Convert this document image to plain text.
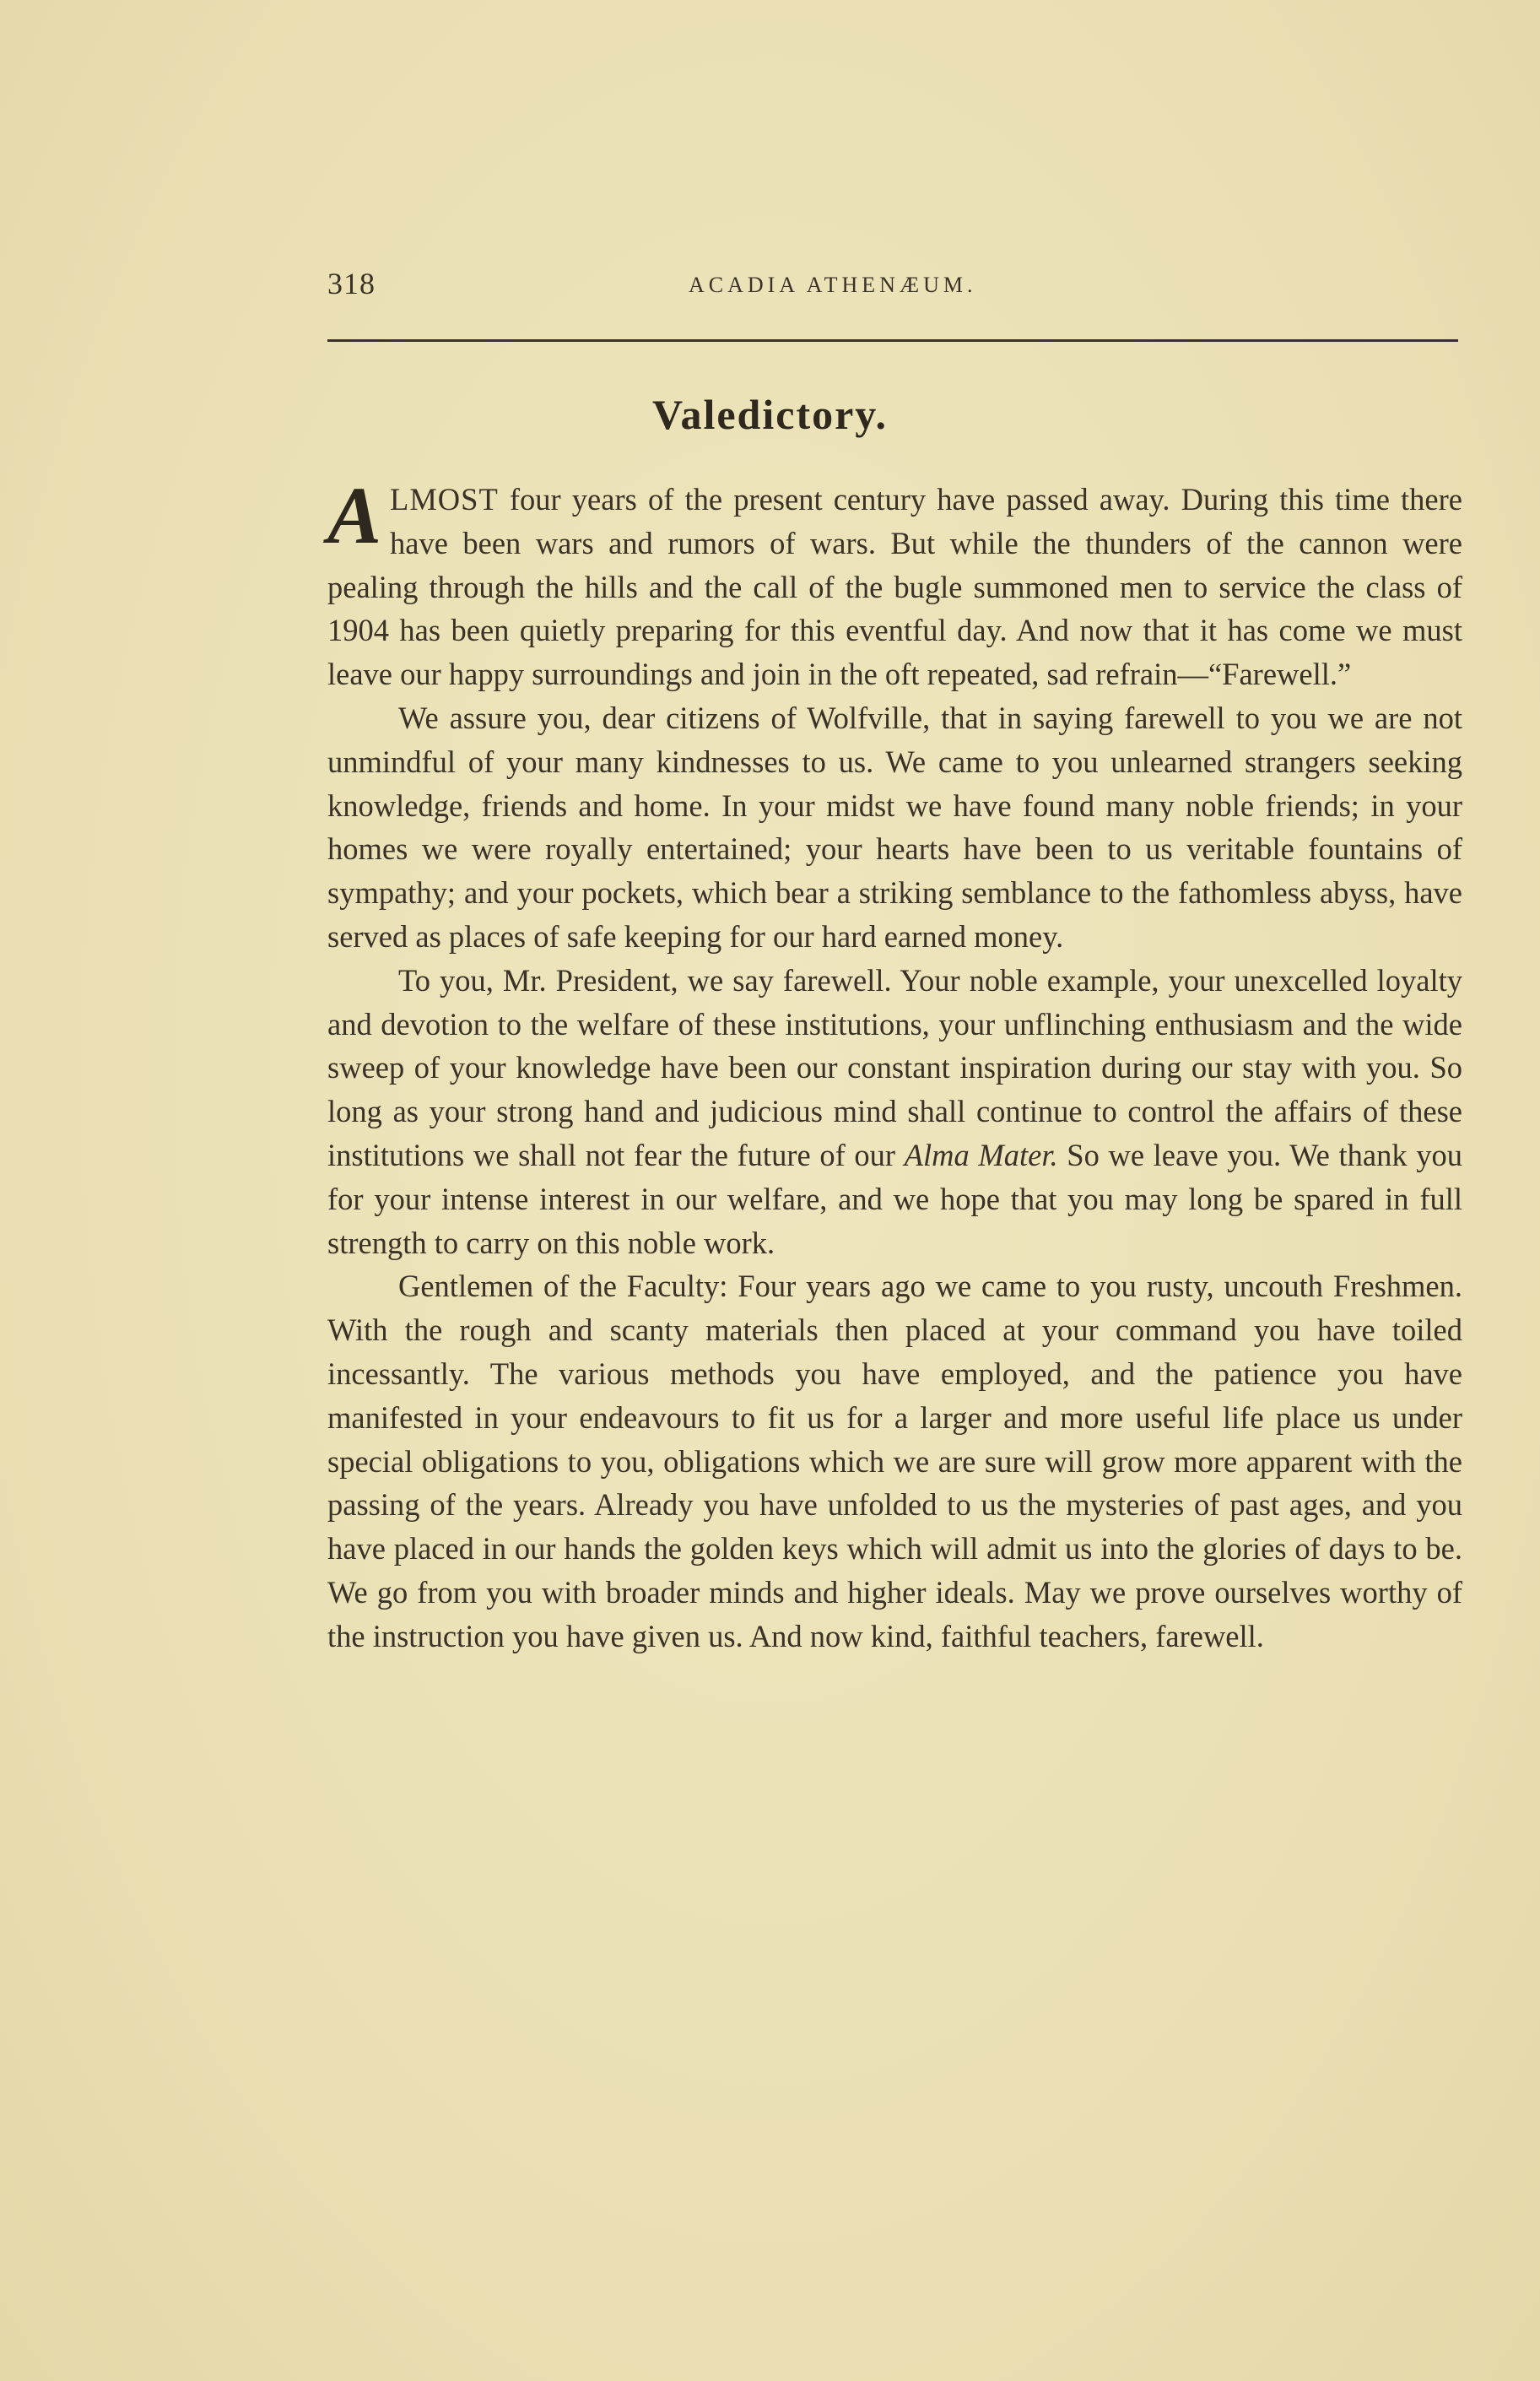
318	ACADIA ATHENÆUM.
Valedictory.

ALMOST four years of the present century have passed away. During this time there have been wars and rumors of wars. But while the thunders of the cannon were pealing through the hills and the call of the bugle summoned men to service the class of 1904 has been quietly preparing for this eventful day. And now that it has come we must leave our happy surroundings and join in the oft repeated, sad refrain—“Farewell.”

We assure you, dear citizens of Wolfville, that in saying farewell to you we are not unmindful of your many kindnesses to us. We came to you unlearned strangers seeking knowledge, friends and home. In your midst we have found many noble friends; in your homes we were royally entertained; your hearts have been to us veritable fountains of sympathy; and your pockets, which bear a striking semblance to the fathomless abyss, have served as places of safe keeping for our hard earned money.

To you, Mr. President, we say farewell. Your noble example, your unexcelled loyalty and devotion to the welfare of these institutions, your unflinching enthusiasm and the wide sweep of your knowledge have been our constant inspiration during our stay with you. So long as your strong hand and judicious mind shall continue to control the affairs of these institutions we shall not fear the future of our Alma Mater. So we leave you. We thank you for your intense interest in our welfare, and we hope that you may long be spared in full strength to carry on this noble work.

Gentlemen of the Faculty: Four years ago we came to you rusty, uncouth Freshmen. With the rough and scanty materials then placed at your command you have toiled incessantly. The various methods you have employed, and the patience you have manifested in your endeavours to fit us for a larger and more useful life place us under special obligations to you, obligations which we are sure will grow more apparent with the passing of the years. Already you have unfolded to us the mysteries of past ages, and you have placed in our hands the golden keys which will admit us into the glories of days to be. We go from you with broader minds and higher ideals. May we prove ourselves worthy of the instruction you have given us. And now kind, faithful teachers, farewell.
